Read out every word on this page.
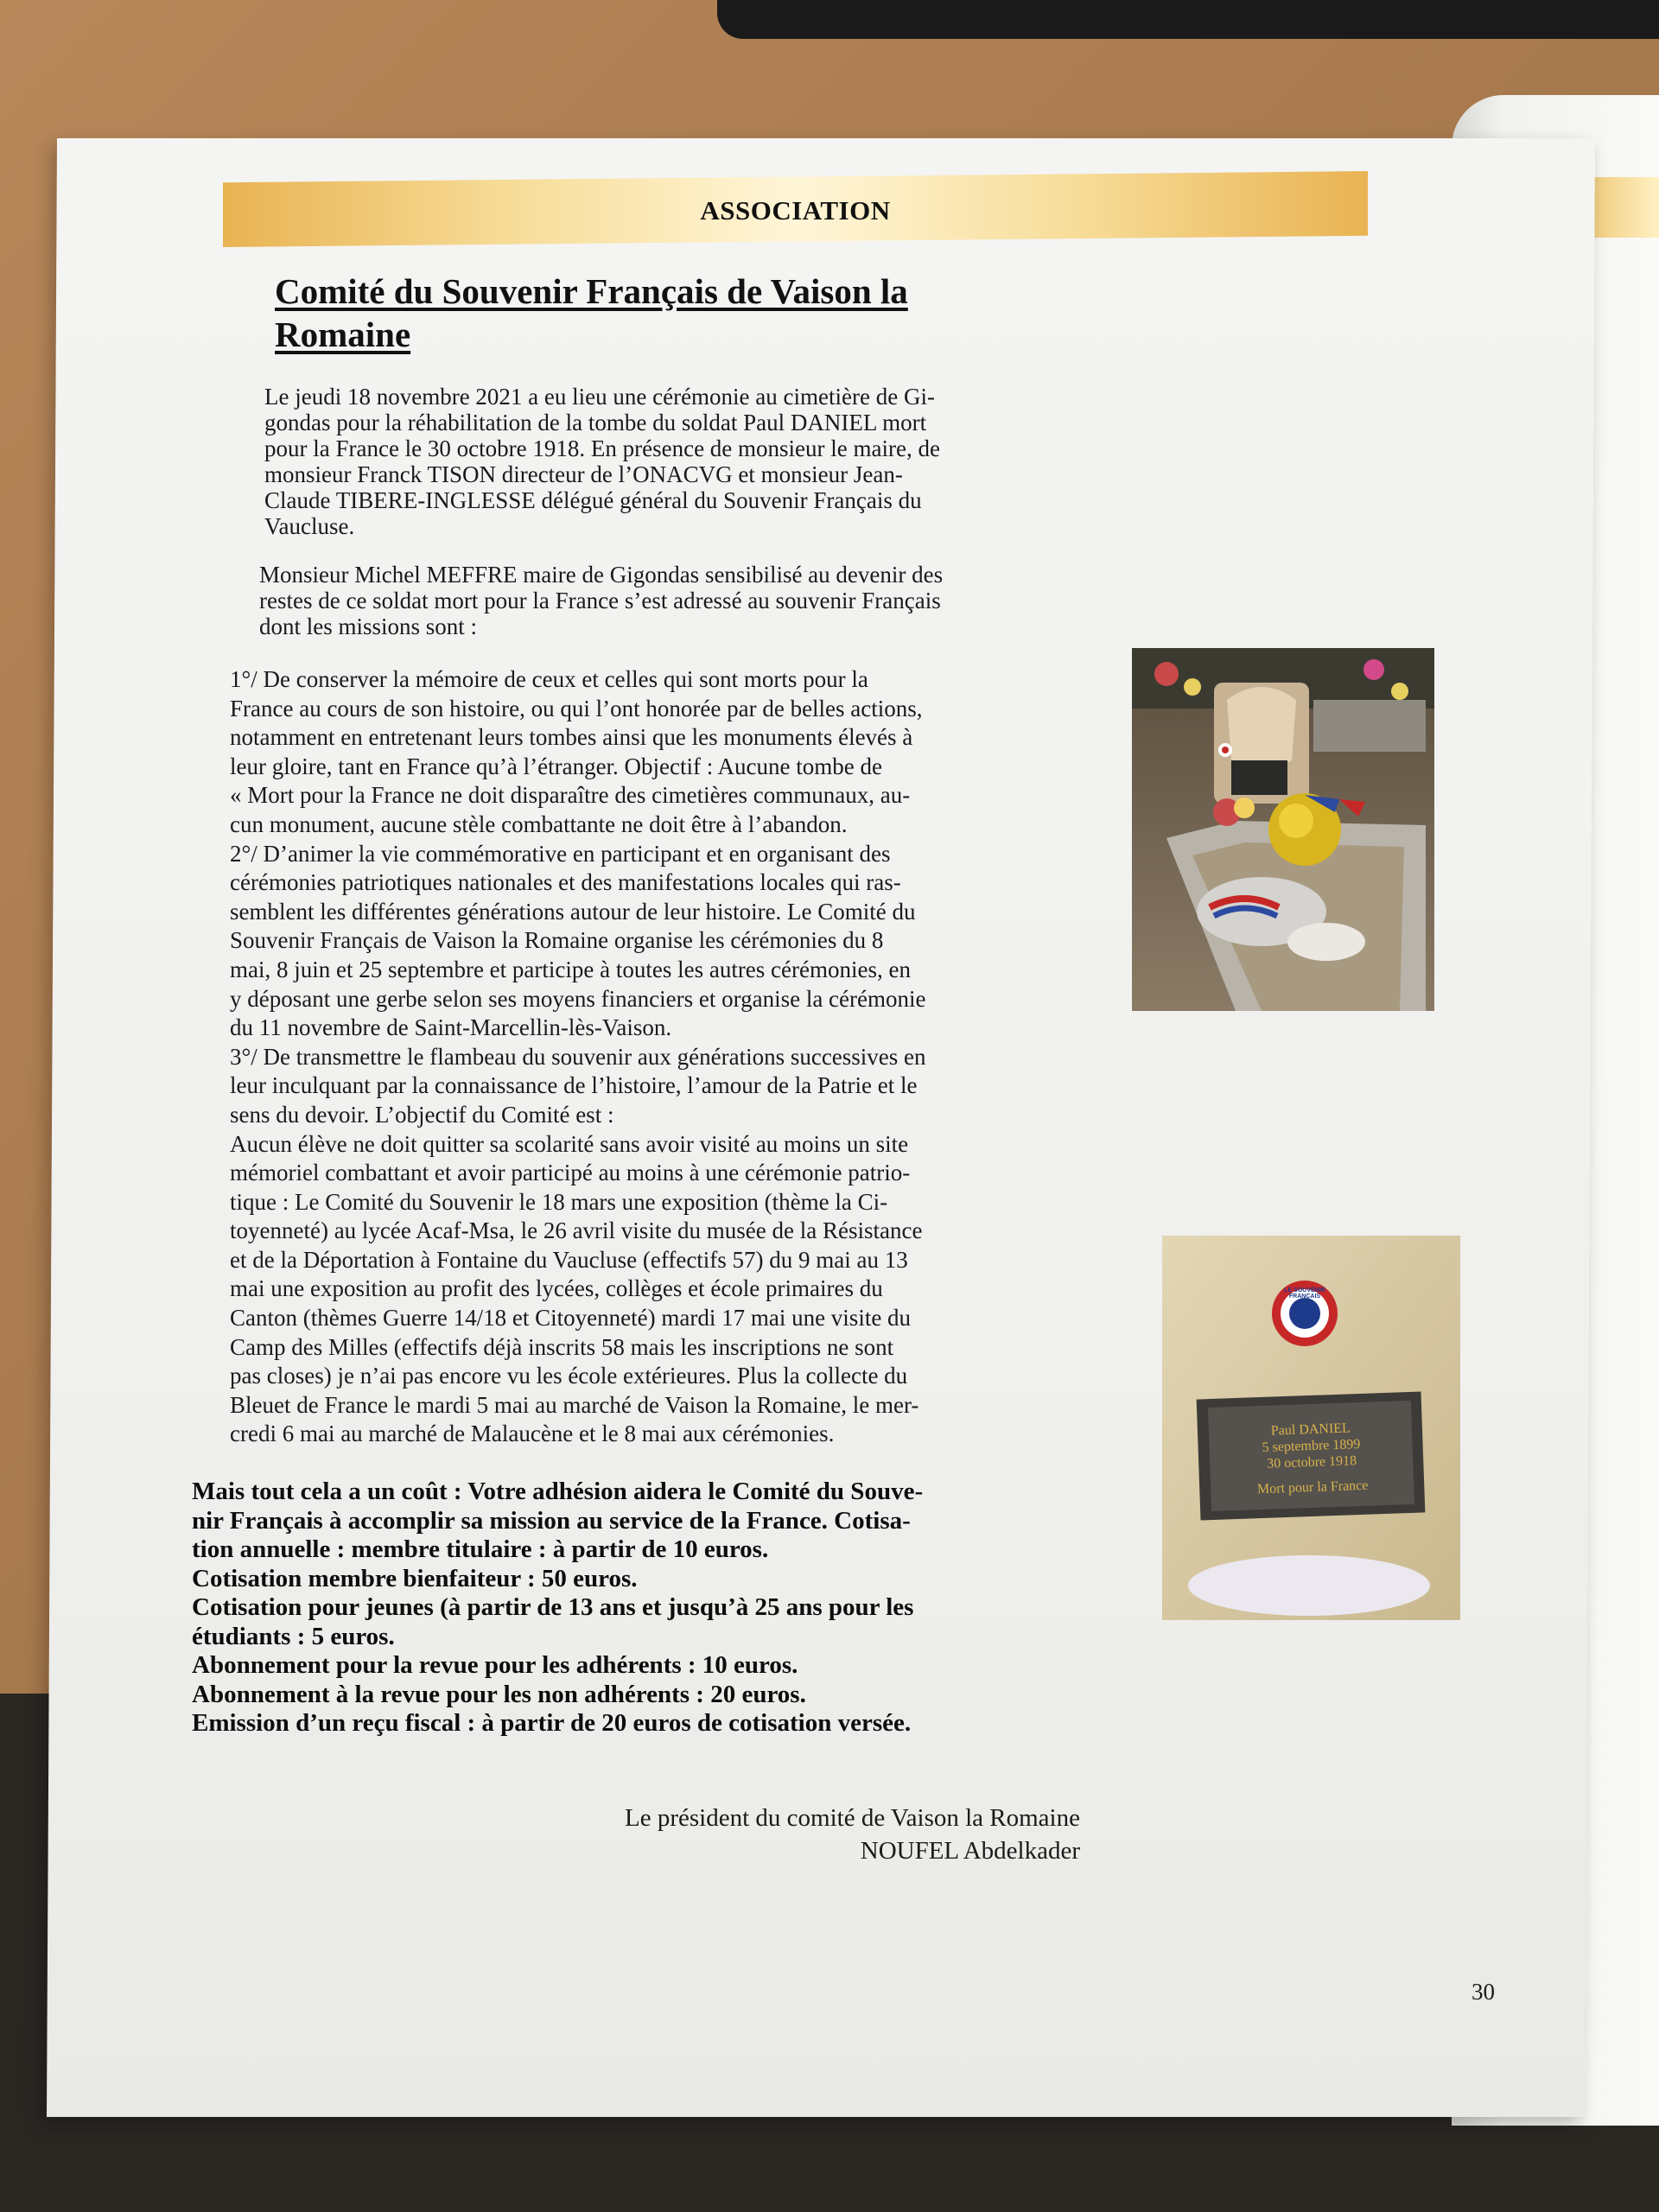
ASSOCIATION
Comité du Souvenir Français de Vaison la
Romaine
Le jeudi 18 novembre 2021 a eu lieu une cérémonie au cimetière de Gi-
gondas pour la réhabilitation de la tombe du soldat Paul DANIEL mort
pour la France le 30 octobre 1918. En présence de monsieur le maire, de
monsieur Franck TISON directeur de l’ONACVG et monsieur Jean-
Claude TIBERE-INGLESSE délégué général du Souvenir Français du
Vaucluse.
Monsieur Michel MEFFRE maire de Gigondas sensibilisé au devenir des
restes de ce soldat mort pour la France s’est adressé au souvenir Français
dont les missions sont :
1°/ De conserver la mémoire de ceux et celles qui sont morts pour la
France au cours de son histoire, ou qui l’ont honorée par de belles actions,
notamment en entretenant leurs tombes ainsi que les monuments élevés à
leur gloire, tant en France qu’à l’étranger. Objectif : Aucune tombe de
« Mort pour la France ne doit disparaître des cimetières communaux, au-
cun monument, aucune stèle combattante ne doit être à l’abandon.
2°/ D’animer la vie commémorative en participant et en organisant des
cérémonies patriotiques nationales et des manifestations locales qui ras-
semblent les différentes générations autour de leur histoire. Le Comité du
Souvenir Français de Vaison la Romaine organise les cérémonies du 8
mai, 8 juin et 25 septembre et participe à toutes les autres cérémonies, en
y déposant une gerbe selon ses moyens financiers et organise la cérémonie
du 11 novembre de Saint-Marcellin-lès-Vaison.
3°/ De transmettre le flambeau du souvenir aux générations successives en
leur inculquant par la connaissance de l’histoire, l’amour de la Patrie et le
sens du devoir. L’objectif du Comité est :
Aucun élève ne doit quitter sa scolarité sans avoir visité au moins un site
mémoriel combattant et avoir participé au moins à une cérémonie patrio-
tique : Le Comité du Souvenir le 18 mars une exposition (thème la Ci-
toyenneté) au lycée Acaf-Msa, le 26 avril visite du musée de la Résistance
et de la Déportation à Fontaine du Vaucluse (effectifs 57) du 9 mai au 13
mai une exposition au profit des lycées, collèges et école primaires du
Canton (thèmes Guerre 14/18 et Citoyenneté) mardi 17 mai une visite du
Camp des Milles (effectifs déjà inscrits 58 mais les inscriptions ne sont
pas closes) je n’ai pas encore vu les école extérieures. Plus la collecte du
Bleuet de France le mardi 5 mai au marché de Vaison la Romaine, le mer-
credi 6 mai au marché de Malaucène et le 8 mai aux cérémonies.
Mais tout cela a un coût : Votre adhésion aidera le Comité du Souve-
nir Français à accomplir sa mission au service de la France. Cotisa-
tion annuelle : membre titulaire : à partir de 10 euros.
Cotisation membre bienfaiteur : 50 euros.
Cotisation pour jeunes (à partir de 13 ans et jusqu’à 25 ans pour les
étudiants : 5 euros.
Abonnement pour la revue pour les adhérents : 10 euros.
Abonnement à la revue pour les non adhérents : 20 euros.
Emission d’un reçu fiscal : à partir de 20 euros de cotisation versée.
Paul DANIEL
5 septembre 1899
30 octobre 1918
Mort pour la France
LE SOUVENIR FRANÇAIS
Le président du comité de Vaison la Romaine
NOUFEL Abdelkader
30
